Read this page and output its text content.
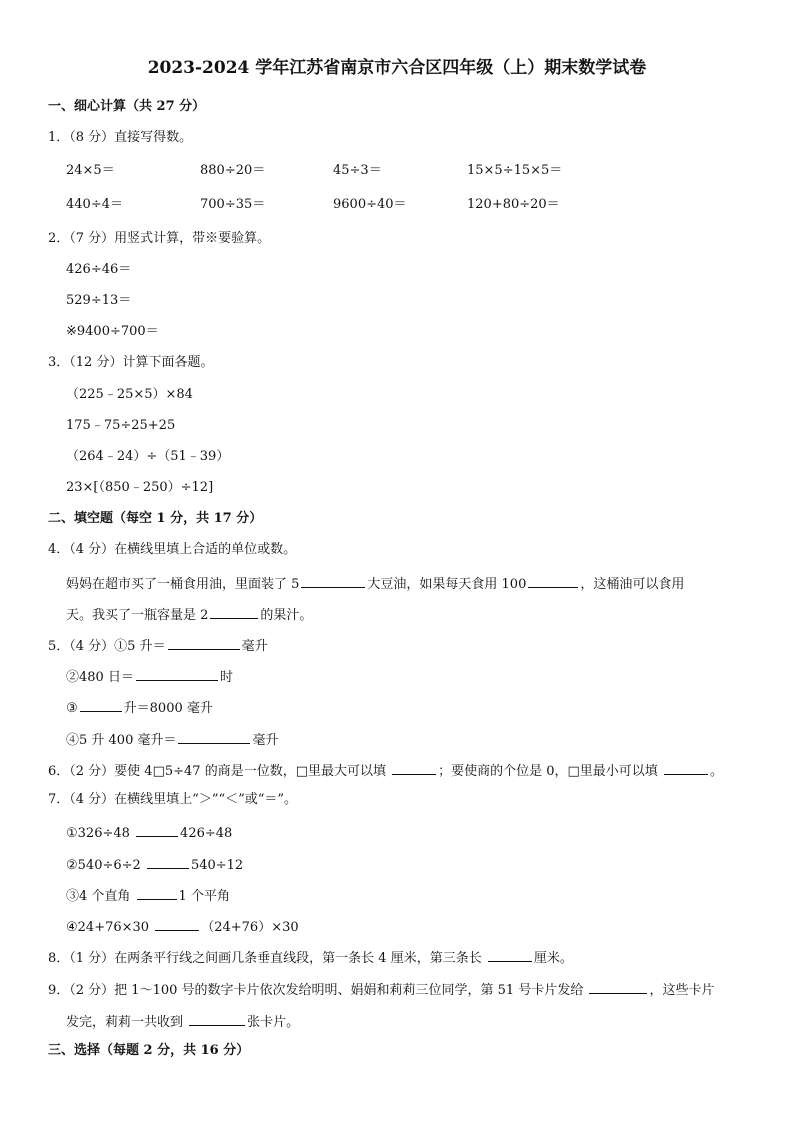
2023-2024 学年江苏省南京市六合区四年级（上）期末数学试卷
一、细心计算（共 27 分）
1．（8 分）直接写得数。
24×5＝	880÷20＝	45÷3＝	15×5÷15×5＝
440÷4＝	700÷35＝	9600÷40＝	120+80÷20＝
2．（7 分）用竖式计算，带※要验算。
426÷46＝
529÷13＝
※9400÷700＝
3．（12 分）计算下面各题。
（225﹣25×5）×84
175﹣75÷25+25
（264﹣24）÷（51﹣39）
23×[（850﹣250）÷12]
二、填空题（每空 1 分，共 17 分）
4．（4 分）在横线里填上合适的单位或数。
妈妈在超市买了一桶食用油，里面装了 5	大豆油，如果每天食用 100	，这桶油可以食用
天。我买了一瓶容量是 2	的果汁。
5．（4 分）①5 升＝	毫升
②480 日＝	时
③	升＝8000 毫升
④5 升 400 毫升＝	毫升
6．（2 分）要使 4□5÷47 的商是一位数，□里最大可以填	；要使商的个位是 0，□里最小可以填	。
7．（4 分）在横线里填上“＞”“＜”或“＝”。
①326÷48	426÷48
②540÷6÷2	540÷12
③4 个直角	1 个平角
④24+76×30	（24+76）×30
8．（1 分）在两条平行线之间画几条垂直线段，第一条长 4 厘米，第三条长	厘米。
9．（2 分）把 1～100 号的数字卡片依次发给明明、娟娟和莉莉三位同学，第 51 号卡片发给	，这些卡片
发完，莉莉一共收到	张卡片。
三、选择（每题 2 分，共 16 分）
